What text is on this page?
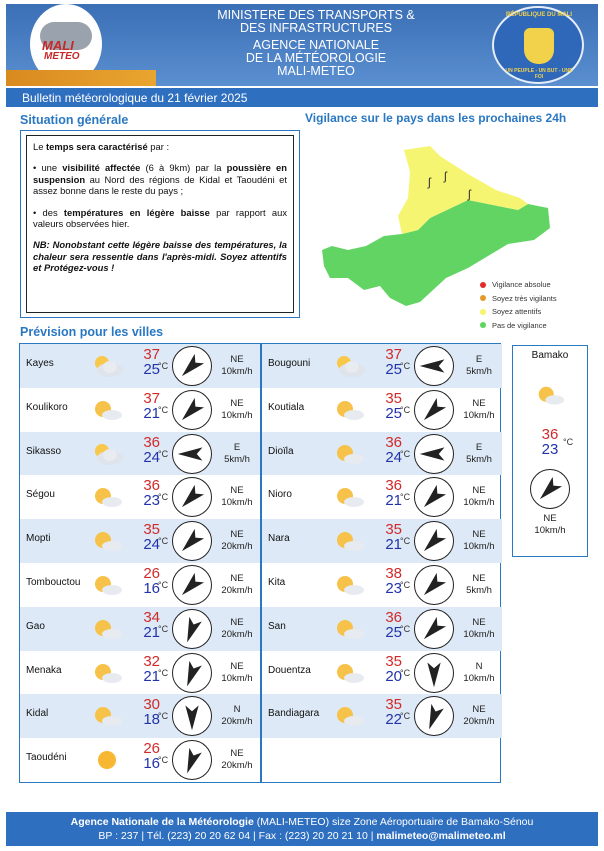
MALI
METEO
MINISTERE DES TRANSPORTS &
DES INFRASTRUCTURES
AGENCE NATIONALE
DE LA MÉTÉOROLOGIE
MALI-METEO
RÉPUBLIQUE DU MALI
UN PEUPLE - UN BUT - UNE FOI
Bulletin météorologique du 21 février 2025
Situation générale	Vigilance sur le pays dans les prochaines 24h

Le temps sera caractérisé par :

• une visibilité affectée (6 à 9km) par la poussière en suspension au Nord des régions de Kidal et Taoudéni et assez bonne dans le reste du pays ;

• des températures en légère baisse par rapport aux valeurs observées hier.

NB: Nonobstant cette légère baisse des températures, la chaleur sera ressentie dans l'après-midi. Soyez attentifs et Protégez-vous !

ʃ ʃ
ʃ
Vigilance absolue
Soyez très vigilants
Soyez attentifs
Pas de vigilance
Prévision pour les villes
Kayes
37
25
°C
NE
10km/h
Koulikoro
37
21
°C
NE
10km/h
Sikasso
36
24
°C
E
5km/h
Ségou
36
23
°C
NE
10km/h
Mopti
35
24
°C
NE
20km/h
Tombouctou
26
16
°C
NE
20km/h
Gao
34
21
°C
NE
20km/h
Menaka
32
21
°C
NE
10km/h
Kidal
30
18
°C
N
20km/h
Taoudéni
26
16
°C
NE
20km/h
Bougouni
37
25
°C
E
5km/h
Koutiala
35
25
°C
NE
10km/h
Dioïla
36
24
°C
E
5km/h
Nioro
36
21
°C
NE
10km/h
Nara
35
21
°C
NE
10km/h
Kita
38
23
°C
NE
5km/h
San
36
25
°C
NE
10km/h
Douentza
35
20
°C
N
10km/h
Bandiagara
35
22
°C
NE
20km/h
Bamako
36
23 °C
NE
10km/h
Agence Nationale de la Météorologie (MALI-METEO) size Zone Aéroportuaire de Bamako-Sénou
BP : 237 | Tél. (223) 20 20 62 04 | Fax : (223) 20 20 21 10 | malimeteo@malimeteo.ml
